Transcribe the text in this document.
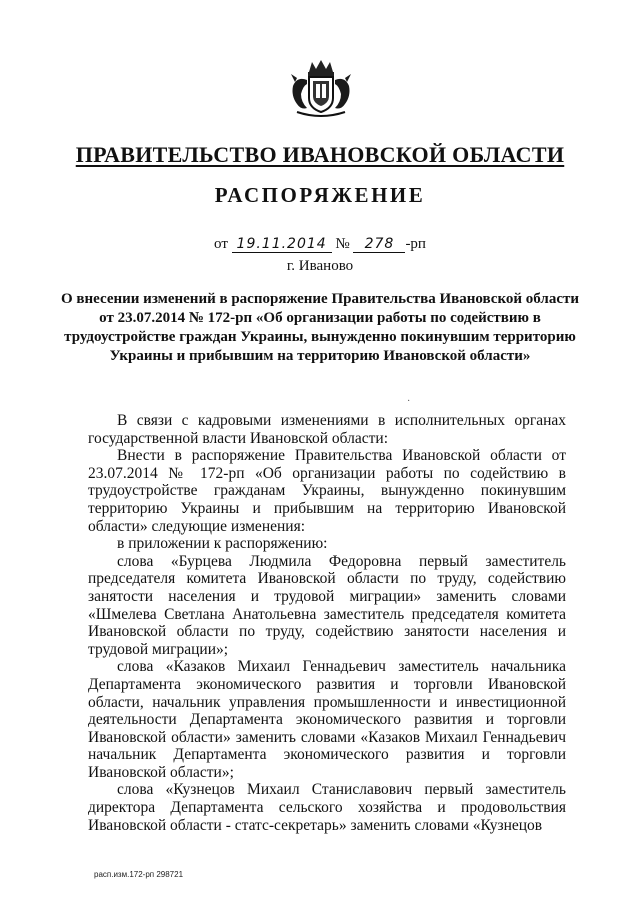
ПРАВИТЕЛЬСТВО ИВАНОВСКОЙ ОБЛАСТИ
РАСПОРЯЖЕНИЕ
от 19.11.2014 № 278 -рп
г. Иваново
О внесении изменений в распоряжение Правительства Ивановской области от 23.07.2014 № 172-рп «Об организации работы по содействию в трудоустройстве граждан Украины, вынужденно покинувшим территорию Украины и прибывшим на территорию Ивановской области»
·

В связи с кадровыми изменениями в исполнительных органах государственной власти Ивановской области:

Внести в распоряжение Правительства Ивановской области от 23.07.2014 № 172-рп «Об организации работы по содействию в трудоустройстве гражданам Украины, вынужденно покинувшим территорию Украины и прибывшим на территорию Ивановской области» следующие изменения:

в приложении к распоряжению:

слова «Бурцева Людмила Федоровна первый заместитель председателя комитета Ивановской области по труду, содействию занятости населения и трудовой миграции» заменить словами «Шмелева Светлана Анатольевна заместитель председателя комитета Ивановской области по труду, содействию занятости населения и трудовой миграции»;

слова «Казаков Михаил Геннадьевич заместитель начальника Департамента экономического развития и торговли Ивановской области, начальник управления промышленности и инвестиционной деятельности Департамента экономического развития и торговли Ивановской области» заменить словами «Казаков Михаил Геннадьевич начальник Департамента экономического развития и торговли Ивановской области»;

слова «Кузнецов Михаил Станиславович первый заместитель директора Департамента сельского хозяйства и продовольствия Ивановской области - статс-секретарь» заменить словами «Кузнецов

расп.изм.172-рп 298721
